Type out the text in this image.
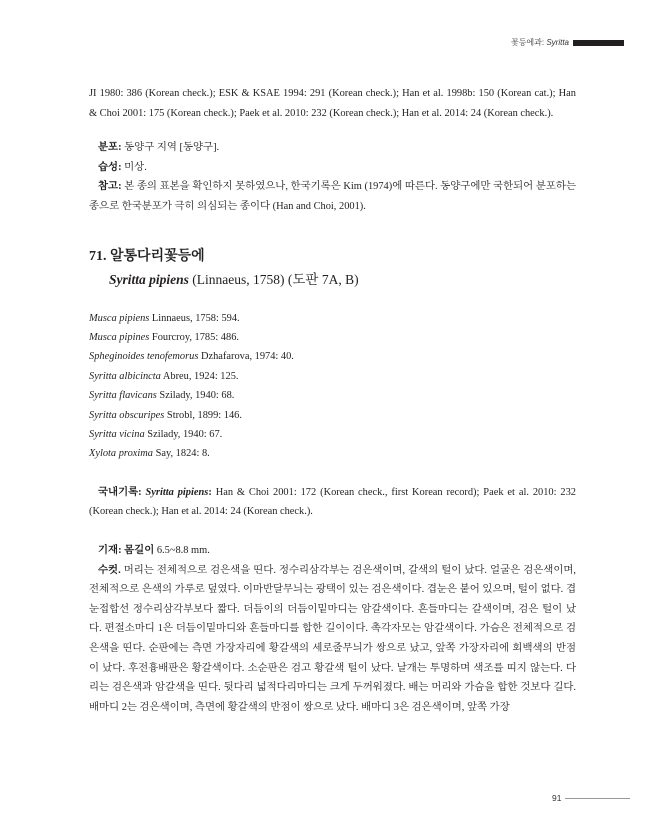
꽃등에과: Syritta

JI 1980: 386 (Korean check.); ESK & KSAE 1994: 291 (Korean check.); Han et al. 1998b: 150 (Korean cat.); Han & Choi 2001: 175 (Korean check.); Paek et al. 2010: 232 (Korean check.); Han et al. 2014: 24 (Korean check.).

분포: 동양구 지역 [동양구].

습성: 미상.

참고: 본 종의 표본을 확인하지 못하였으나, 한국기록은 Kim (1974)에 따른다. 동양구에만 국한되어 분포하는 종으로 한국분포가 극히 의심되는 종이다 (Han and Choi, 2001).

71. 알통다리꽃등에

Syritta pipiens (Linnaeus, 1758) (도판 7A, B)

Musca pipiens Linnaeus, 1758: 594.
Musca pipines Fourcroy, 1785: 486.
Spheginoides tenofemorus Dzhafarova, 1974: 40.
Syritta albicincta Abreu, 1924: 125.
Syritta flavicans Szilady, 1940: 68.
Syritta obscuripes Strobl, 1899: 146.
Syritta vicina Szilady, 1940: 67.
Xylota proxima Say, 1824: 8.

국내기록: Syritta pipiens: Han & Choi 2001: 172 (Korean check., first Korean record); Paek et al. 2010: 232 (Korean check.); Han et al. 2014: 24 (Korean check.).

기재: 몸길이 6.5~8.8 mm.

수컷. 머리는 전체적으로 검은색을 띤다. 정수리삼각부는 검은색이며, 갈색의 털이 났다. 얼굴은 검은색이며, 전체적으로 은색의 가루로 덮였다. 이마반달무늬는 광택이 있는 검은색이다. 겹눈은 붙어 있으며, 털이 없다. 겹눈접합선 정수리삼각부보다 짧다. 더듬이의 더듬이밑마디는 암갈색이다. 흔들마디는 갈색이며, 검은 털이 났다. 편절소마디 1은 더듬이밑마디와 흔들마디를 합한 길이이다. 촉각자모는 암갈색이다. 가슴은 전체적으로 검은색을 띤다. 순판에는 측면 가장자리에 황갈색의 세로줄무늬가 쌍으로 났고, 앞쪽 가장자리에 회백색의 반점이 났다. 후전흉배판은 황갈색이다. 소순판은 검고 황갈색 털이 났다. 날개는 투명하며 색조를 띠지 않는다. 다리는 검은색과 암갈색을 띤다. 뒷다리 넓적다리마디는 크게 두꺼워졌다. 배는 머리와 가슴을 합한 것보다 길다. 배마디 2는 검은색이며, 측면에 황갈색의 반점이 쌍으로 났다. 배마디 3은 검은색이며, 앞쪽 가장

91
